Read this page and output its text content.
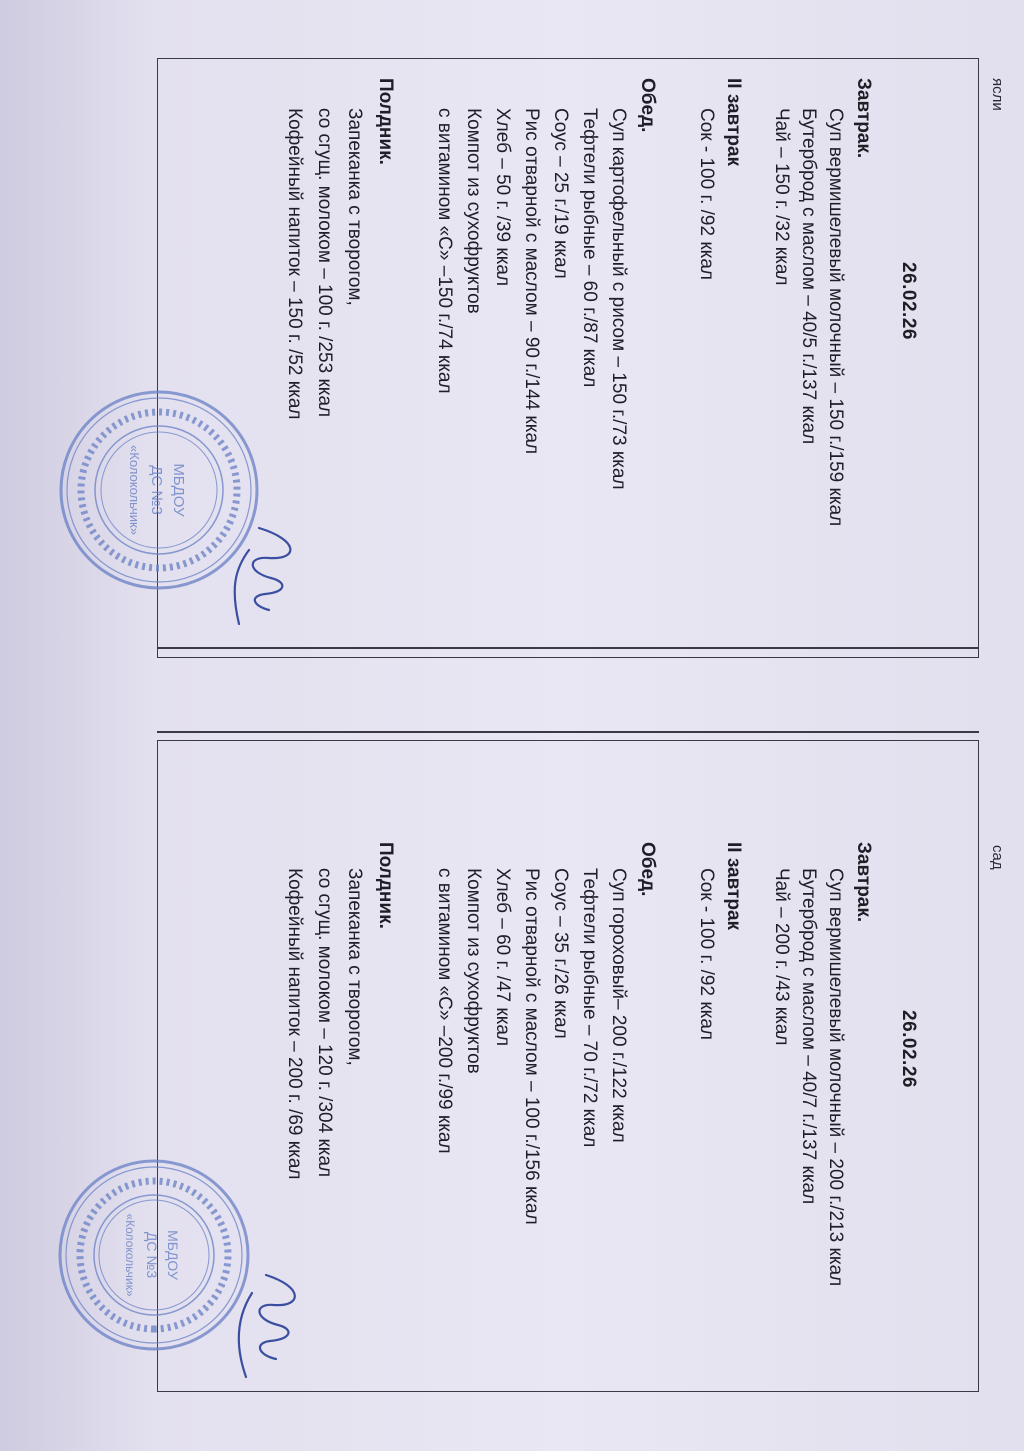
ясли
26.02.26
Завтрак.
Суп вермишелевый молочный – 150 г./159 ккал
Бутерброд с маслом – 40/5 г./137 ккал
Чай – 150 г. /32 ккал
II завтрак
Сок - 100 г. /92 ккал
Обед.
Суп картофельный с рисом – 150 г./73 ккал
Тефтели рыбные – 60 г./87 ккал
Соус – 25 г./19 ккал
Рис отварной с маслом – 90 г./144 ккал
Хлеб – 50 г. /39 ккал
Компот из сухофруктов
с витамином «С» –150 г./74 ккал
Полдник.
Запеканка с творогом,
со сгущ. молоком – 100 г. /253 ккал
Кофейный напиток – 150 г. /52 ккал
МБДОУ
ДС №3
«Колокольчик»
сад
26.02.26
Завтрак.
Суп вермишелевый молочный – 200 г./213 ккал
Бутерброд с маслом – 40/7 г./137 ккал
Чай – 200 г. /43 ккал
II завтрак
Сок - 100 г. /92 ккал
Обед.
Суп гороховый– 200 г./122 ккал
Тефтели рыбные – 70 г./72 ккал
Соус – 35 г./26 ккал
Рис отварной с маслом – 100 г./156 ккал
Хлеб – 60 г. /47 ккал
Компот из сухофруктов
с витамином «С» –200 г./99 ккал
Полдник.
Запеканка с творогом,
со сгущ. молоком – 120 г. /304 ккал
Кофейный напиток – 200 г. /69 ккал
МБДОУ
ДС №3
«Колокольчик»
